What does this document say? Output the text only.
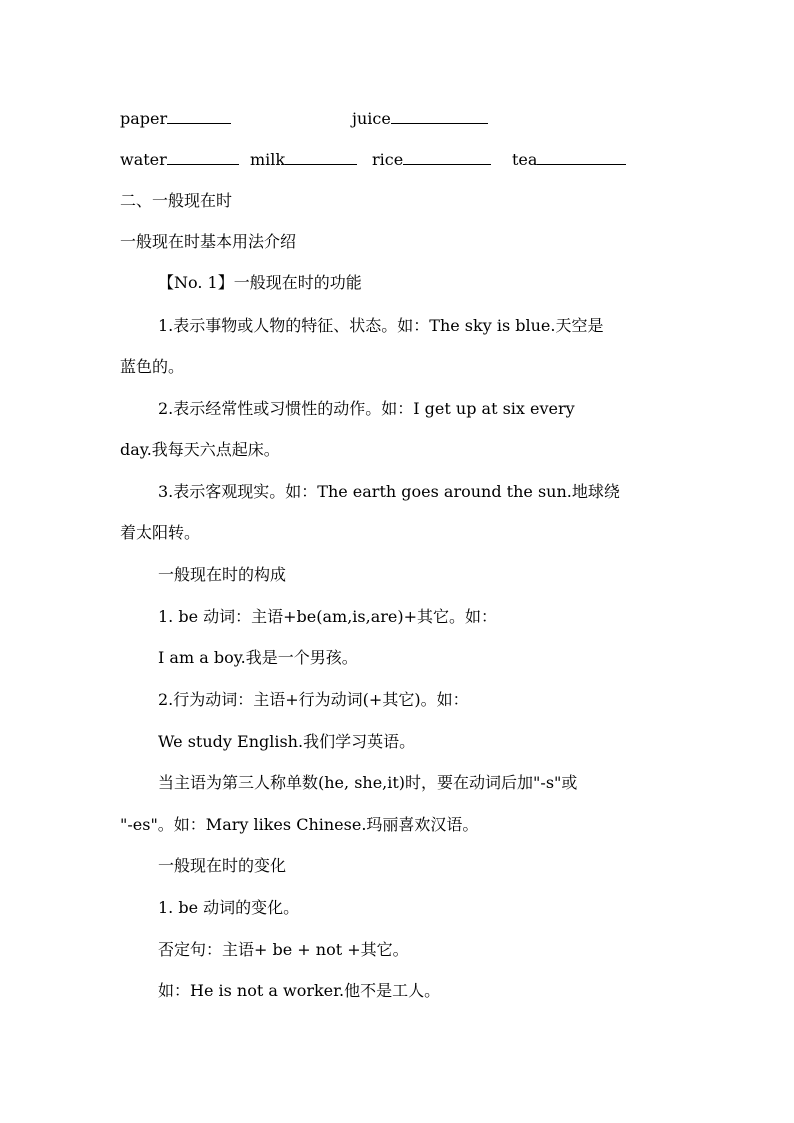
paper	juice
water	milk	rice	tea
二、一般现在时
一般现在时基本用法介绍
【No. 1】一般现在时的功能
1.表示事物或人物的特征、状态。如：The sky is blue.天空是
蓝色的。
2.表示经常性或习惯性的动作。如：I get up at six every
day.我每天六点起床。
3.表示客观现实。如：The earth goes around the sun.地球绕
着太阳转。
一般现在时的构成
1. be 动词：主语+be(am,is,are)+其它。如：
I am a boy.我是一个男孩。
2.行为动词：主语+行为动词(+其它)。如：
We study English.我们学习英语。
当主语为第三人称单数(he, she,it)时，要在动词后加"-s"或
"-es"。如：Mary likes Chinese.玛丽喜欢汉语。
一般现在时的变化
1. be 动词的变化。
否定句：主语+ be + not +其它。
如：He is not a worker.他不是工人。
